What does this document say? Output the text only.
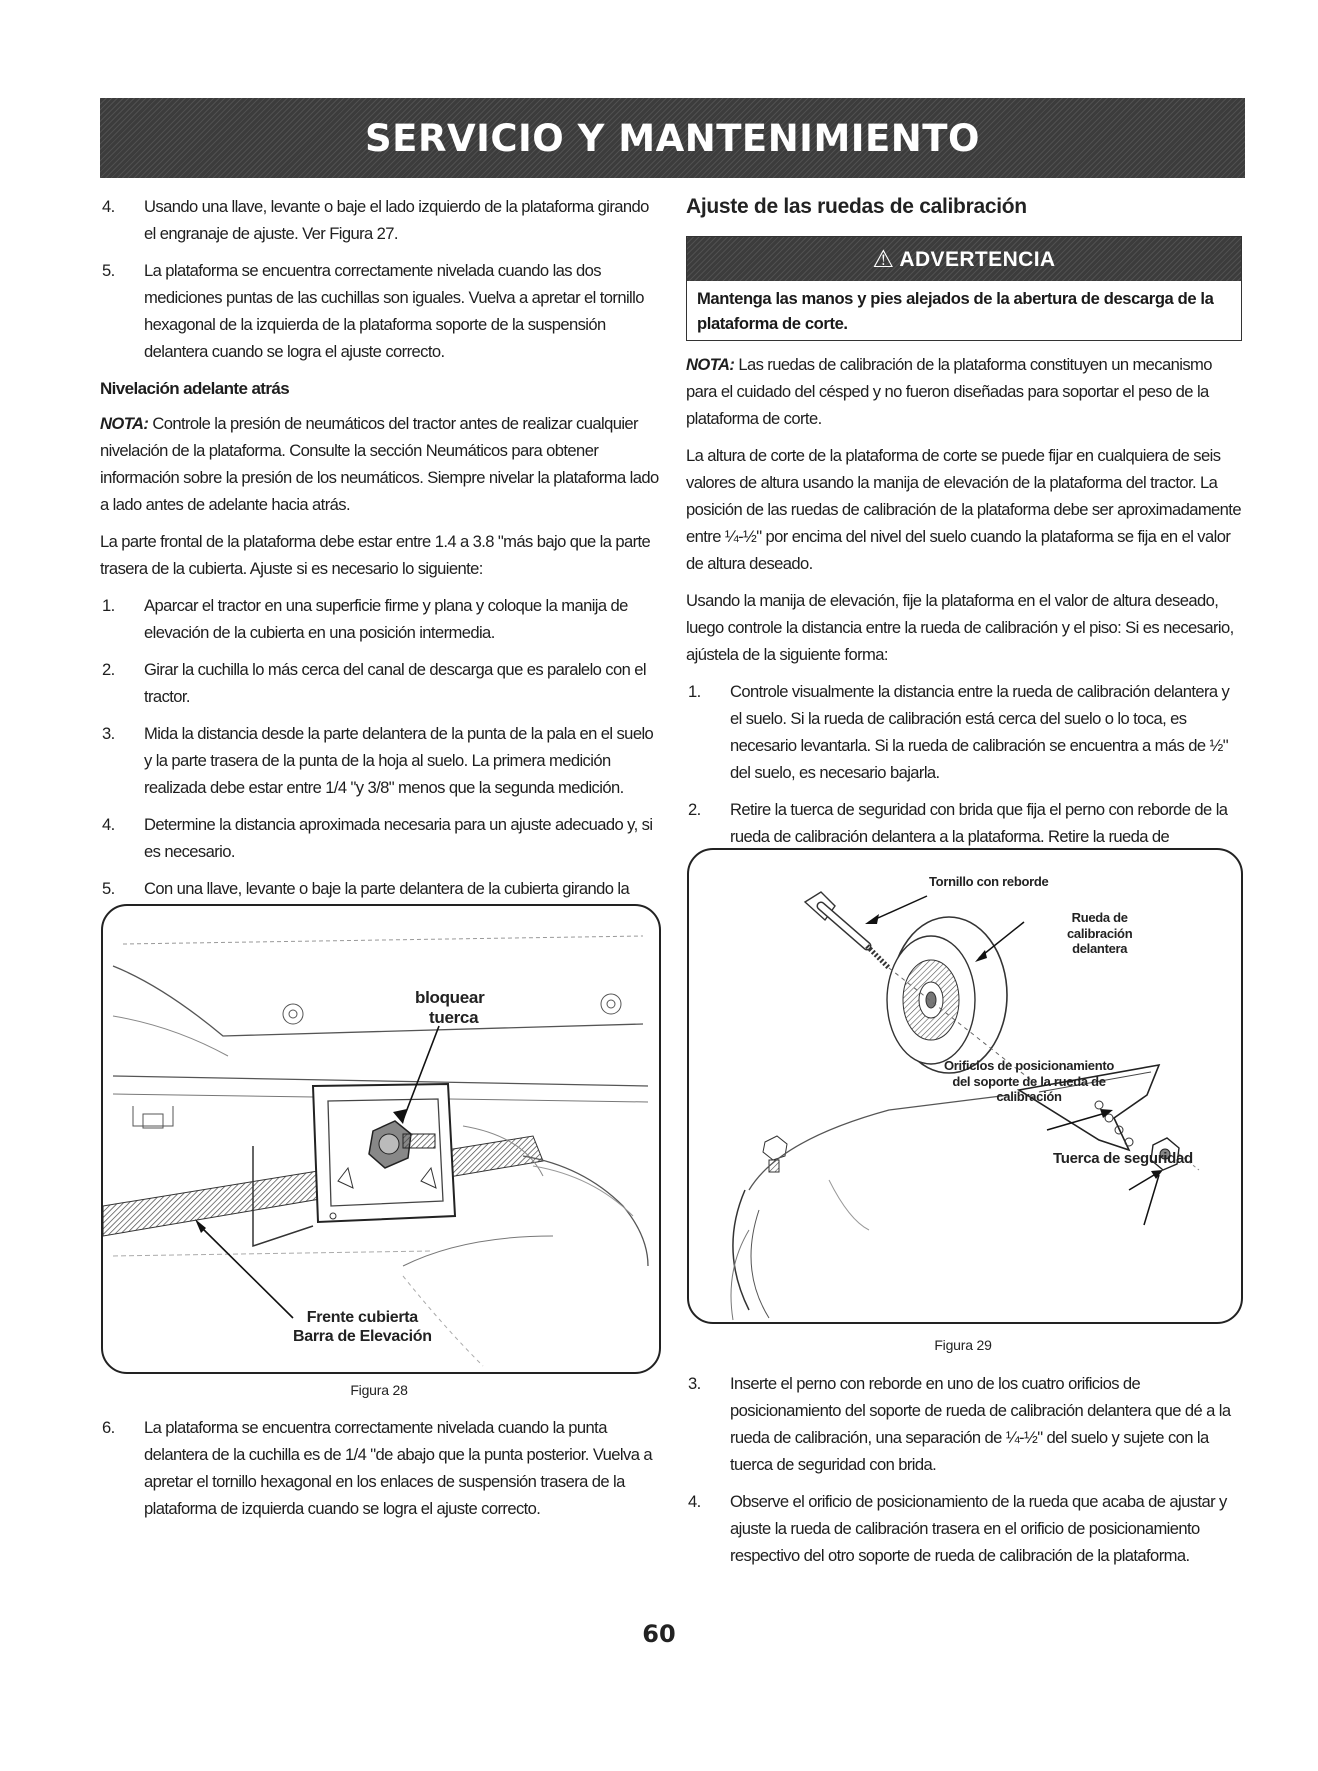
SERVICIO Y MANTENIMIENTO
4. Usando una llave, levante o baje el lado izquierdo de la plataforma girando el engranaje de ajuste. Ver Figura 27.
5. La plataforma se encuentra correctamente nivelada cuando las dos mediciones puntas de las cuchillas son iguales. Vuelva a apretar el tornillo hexagonal de la izquierda de la plataforma soporte de la suspensión delantera cuando se logra el ajuste correcto.
Nivelación adelante atrás

NOTA: Controle la presión de neumáticos del tractor antes de realizar cualquier nivelación de la plataforma. Consulte la sección Neumáticos para obtener información sobre la presión de los neumáticos. Siempre nivelar la plataforma lado a lado antes de adelante hacia atrás.

La parte frontal de la plataforma debe estar entre 1.4 a 3.8 "más bajo que la parte trasera de la cubierta. Ajuste si es necesario lo siguiente:

1. Aparcar el tractor en una superficie firme y plana y coloque la manija de elevación de la cubierta en una posición intermedia.
2. Girar la cuchilla lo más cerca del canal de descarga que es paralelo con el tractor.
3. Mida la distancia desde la parte delantera de la punta de la pala en el suelo y la parte trasera de la punta de la hoja al suelo. La primera medición realizada debe estar entre 1/4 "y 3/8" menos que la segunda medición.
4. Determine la distancia aproximada necesaria para un ajuste adecuado y, si es necesario.
5. Con una llave, levante o baje la parte delantera de la cubierta girando la
bloquear
tuerca
Frente cubierta
Barra de Elevación
Figura 28
6. La plataforma se encuentra correctamente nivelada cuando la punta delantera de la cuchilla es de 1/4 "de abajo que la punta posterior. Vuelva a apretar el tornillo hexagonal en los enlaces de suspensión trasera de la plataforma de izquierda cuando se logra el ajuste correcto.
Ajuste de las ruedas de calibración
⚠ ADVERTENCIA
Mantenga las manos y pies alejados de la abertura de descarga de la plataforma de corte.

NOTA: Las ruedas de calibración de la plataforma constituyen un mecanismo para el cuidado del césped y no fueron diseñadas para soportar el peso de la plataforma de corte.

La altura de corte de la plataforma de corte se puede fijar en cualquiera de seis valores de altura usando la manija de elevación de la plataforma del tractor. La posición de las ruedas de calibración de la plataforma debe ser aproximadamente entre ¼-½" por encima del nivel del suelo cuando la plataforma se fija en el valor de altura deseado.

Usando la manija de elevación, fije la plataforma en el valor de altura deseado, luego controle la distancia entre la rueda de calibración y el piso: Si es necesario, ajústela de la siguiente forma:

1. Controle visualmente la distancia entre la rueda de calibración delantera y el suelo. Si la rueda de calibración está cerca del suelo o lo toca, es necesario levantarla. Si la rueda de calibración se encuentra a más de ½" del suelo, es necesario bajarla.
2. Retire la tuerca de seguridad con brida que fija el perno con reborde de la rueda de calibración delantera a la plataforma. Retire la rueda de
Tornillo con reborde
Rueda de
calibración
delantera
Orificios de posicionamiento
del soporte de la rueda de
calibración
Tuerca de seguridad
Figura 29
3. Inserte el perno con reborde en uno de los cuatro orificios de posicionamiento del soporte de rueda de calibración delantera que dé a la rueda de calibración, una separación de ¼-½" del suelo y sujete con la tuerca de seguridad con brida.
4. Observe el orificio de posicionamiento de la rueda que acaba de ajustar y ajuste la rueda de calibración trasera en el orificio de posicionamiento respectivo del otro soporte de rueda de calibración de la plataforma.
60
